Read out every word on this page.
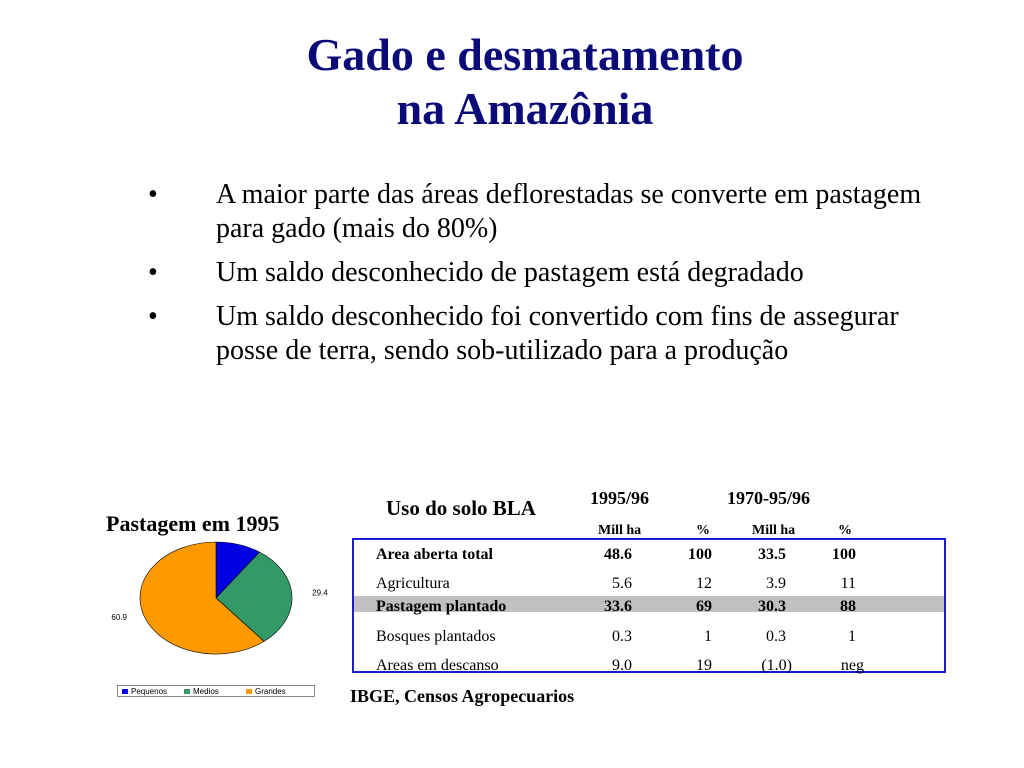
Gado e desmatamento
na Amazônia
•	A maior parte das áreas deflorestadas se converte em pastagem para gado (mais do 80%)
•	Um saldo desconhecido de pastagem está degradado
•	Um saldo desconhecido foi convertido com fins de assegurar posse de terra, sendo sob-utilizado para a produção
Pastagem em 1995
29.4
60.9
Pequenos	Medios	Grandes
Uso do solo BLA	1995/96	1970-95/96
Mill ha	%	Mill ha	%
Area aberta total	48.6	100	33.5	100
Agricultura	5.6	12	3.9	11
Pastagem plantado	33.6	69	30.3	88
Bosques plantados	0.3	1	0.3	1
Areas em descanso	9.0	19	(1.0)	neg
IBGE, Censos Agropecuarios
